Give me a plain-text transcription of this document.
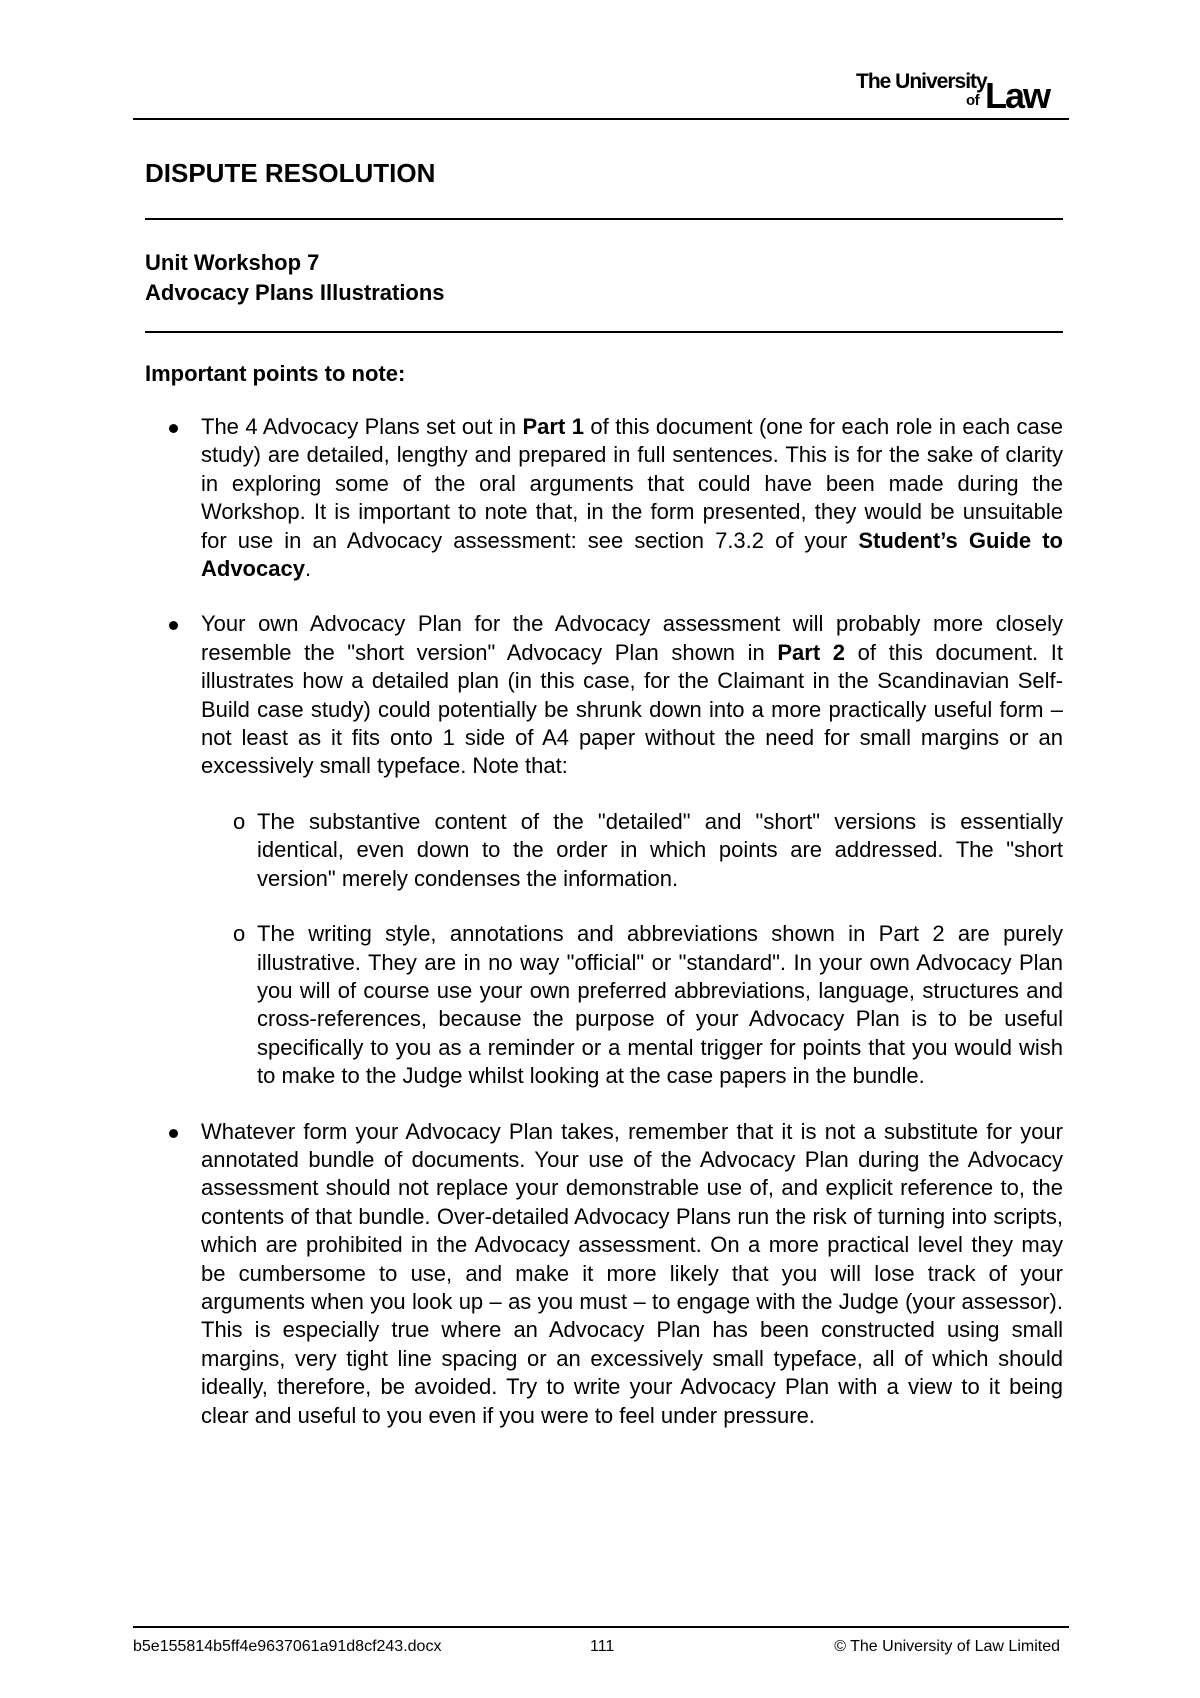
The University
of Law
DISPUTE RESOLUTION
Unit Workshop 7
Advocacy Plans Illustrations
Important points to note:
The 4 Advocacy Plans set out in Part 1 of this document (one for each role in each case study) are detailed, lengthy and prepared in full sentences. This is for the sake of clarity in exploring some of the oral arguments that could have been made during the Workshop. It is important to note that, in the form presented, they would be unsuitable for use in an Advocacy assessment: see section 7.3.2 of your Student’s Guide to Advocacy.
Your own Advocacy Plan for the Advocacy assessment will probably more closely resemble the "short version" Advocacy Plan shown in Part 2 of this document. It illustrates how a detailed plan (in this case, for the Claimant in the Scandinavian Self-Build case study) could potentially be shrunk down into a more practically useful form – not least as it fits onto 1 side of A4 paper without the need for small margins or an excessively small typeface. Note that:
o The substantive content of the "detailed" and "short" versions is essentially identical, even down to the order in which points are addressed. The "short version" merely condenses the information.
o The writing style, annotations and abbreviations shown in Part 2 are purely illustrative. They are in no way "official" or "standard". In your own Advocacy Plan you will of course use your own preferred abbreviations, language, structures and cross-references, because the purpose of your Advocacy Plan is to be useful specifically to you as a reminder or a mental trigger for points that you would wish to make to the Judge whilst looking at the case papers in the bundle.
Whatever form your Advocacy Plan takes, remember that it is not a substitute for your annotated bundle of documents. Your use of the Advocacy Plan during the Advocacy assessment should not replace your demonstrable use of, and explicit reference to, the contents of that bundle. Over-detailed Advocacy Plans run the risk of turning into scripts, which are prohibited in the Advocacy assessment. On a more practical level they may be cumbersome to use, and make it more likely that you will lose track of your arguments when you look up – as you must – to engage with the Judge (your assessor). This is especially true where an Advocacy Plan has been constructed using small margins, very tight line spacing or an excessively small typeface, all of which should ideally, therefore, be avoided. Try to write your Advocacy Plan with a view to it being clear and useful to you even if you were to feel under pressure.
b5e155814b5ff4e9637061a91d8cf243.docx	111	© The University of Law Limited
